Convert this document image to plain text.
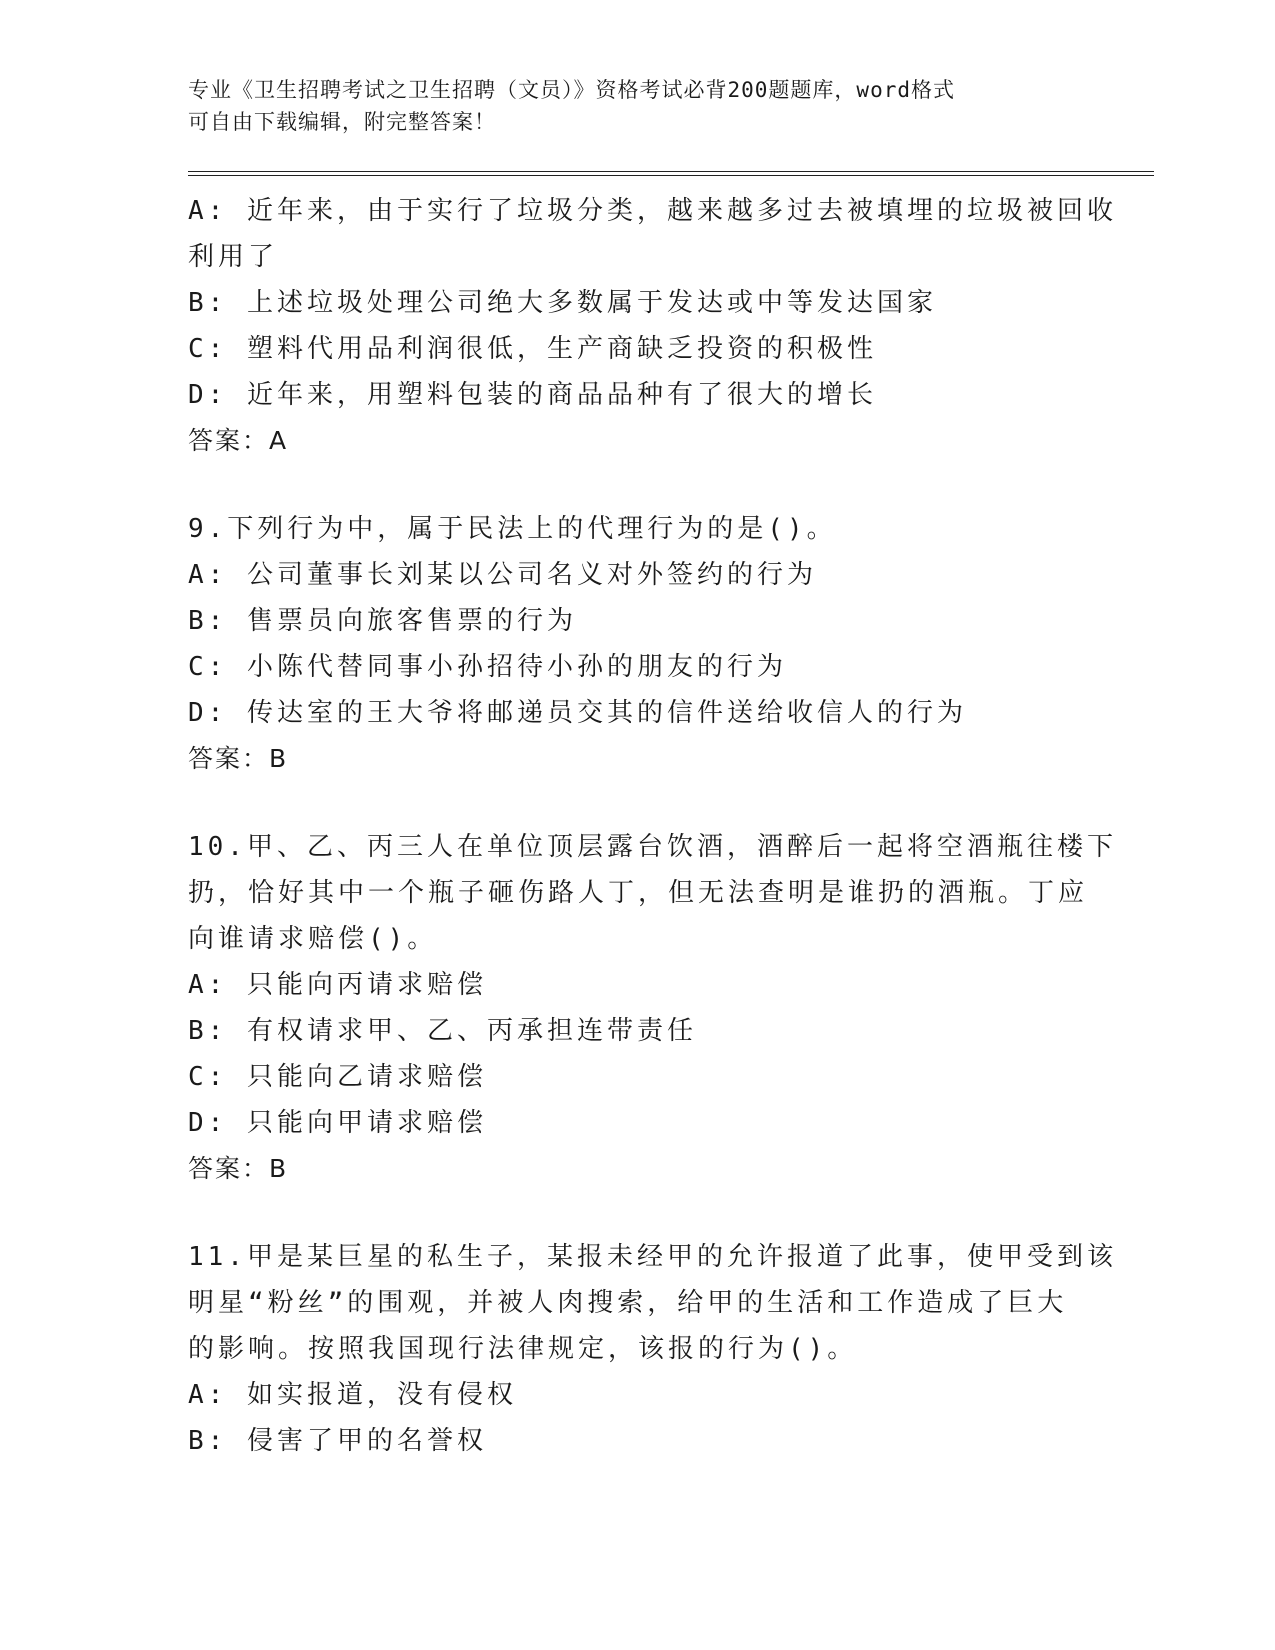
专业《卫生招聘考试之卫生招聘（文员）》资格考试必背200题题库，word格式
可自由下载编辑，附完整答案！
A: 近年来，由于实行了垃圾分类，越来越多过去被填埋的垃圾被回收
利用了
B: 上述垃圾处理公司绝大多数属于发达或中等发达国家
C: 塑料代用品利润很低，生产商缺乏投资的积极性
D: 近年来，用塑料包装的商品品种有了很大的增长
答案：A
9.下列行为中，属于民法上的代理行为的是()。
A: 公司董事长刘某以公司名义对外签约的行为
B: 售票员向旅客售票的行为
C: 小陈代替同事小孙招待小孙的朋友的行为
D: 传达室的王大爷将邮递员交其的信件送给收信人的行为
答案：B
10.甲、乙、丙三人在单位顶层露台饮酒，酒醉后一起将空酒瓶往楼下
扔，恰好其中一个瓶子砸伤路人丁，但无法查明是谁扔的酒瓶。丁应
向谁请求赔偿()。
A: 只能向丙请求赔偿
B: 有权请求甲、乙、丙承担连带责任
C: 只能向乙请求赔偿
D: 只能向甲请求赔偿
答案：B
11.甲是某巨星的私生子，某报未经甲的允许报道了此事，使甲受到该
明星“粉丝”的围观，并被人肉搜索，给甲的生活和工作造成了巨大
的影响。按照我国现行法律规定，该报的行为()。
A: 如实报道，没有侵权
B: 侵害了甲的名誉权
